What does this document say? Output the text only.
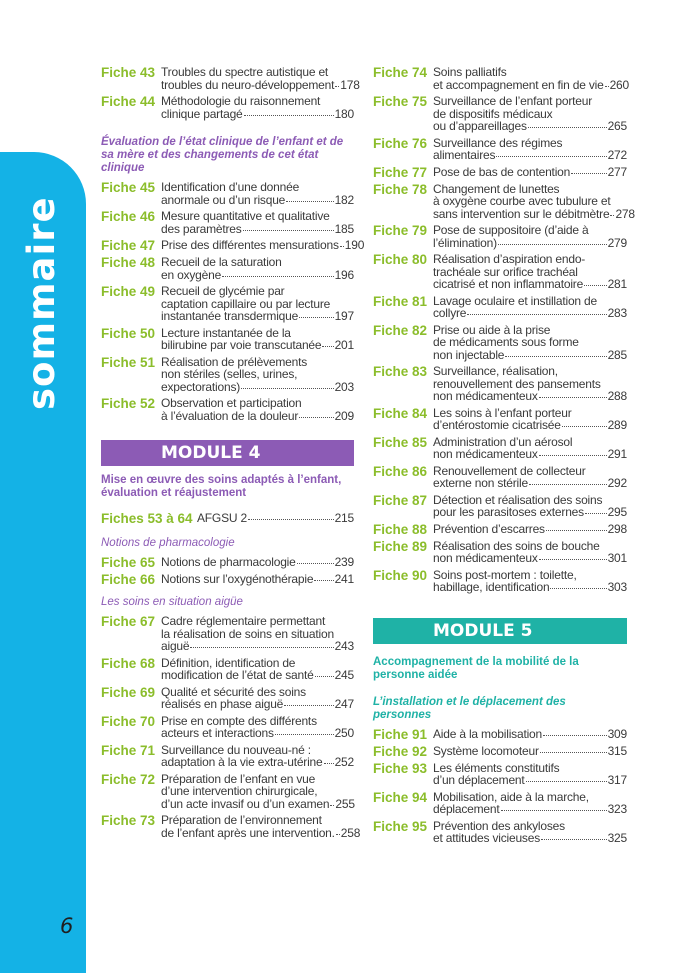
sommaire
6
Fiche 43 Troubles du spectre autistique et
troubles du neuro-développement 178
Fiche 44 Méthodologie du raisonnement
clinique partagé	180
Évaluation de l’état clinique de l’enfant et de sa mère et des changements de cet état clinique
Fiche 45 Identification d’une donnée
anormale ou d’un risque	182
Fiche 46 Mesure quantitative et qualitative
des paramètres	185
Fiche 47 Prise des différentes mensurations 190
Fiche 48 Recueil de la saturation
en oxygène	196
Fiche 49 Recueil de glycémie par
captation capillaire ou par lecture
instantanée transdermique	197
Fiche 50 Lecture instantanée de la
bilirubine par voie transcutanée 201
Fiche 51 Réalisation de prélèvements
non stériles (selles, urines,
expectorations)	203
Fiche 52 Observation et participation
à l’évaluation de la douleur	209
MODULE 4
Mise en œuvre des soins adaptés à l’enfant, évaluation et réajustement
Fiches 53 à 64 AFGSU 2	215
Notions de pharmacologie
Fiche 65 Notions de pharmacologie	239
Fiche 66 Notions sur l’oxygénothérapie 241
Les soins en situation aigüe
Fiche 67 Cadre réglementaire permettant
la réalisation de soins en situation
aiguë	243
Fiche 68 Définition, identification de
modification de l’état de santé 245
Fiche 69 Qualité et sécurité des soins
réalisés en phase aiguë	247
Fiche 70 Prise en compte des différents
acteurs et interactions	250
Fiche 71 Surveillance du nouveau-né :
adaptation à la vie extra-utérine 252
Fiche 72 Préparation de l’enfant en vue
d’une intervention chirurgicale,
d’un acte invasif ou d’un examen 255
Fiche 73 Préparation de l’environnement
de l’enfant après une intervention. 258
Fiche 74 Soins palliatifs
et accompagnement en fin de vie 260
Fiche 75 Surveillance de l’enfant porteur
de dispositifs médicaux
ou d’appareillages	265
Fiche 76 Surveillance des régimes
alimentaires	272
Fiche 77 Pose de bas de contention	277
Fiche 78 Changement de lunettes
à oxygène courbe avec tubulure et
sans intervention sur le débitmètre 278
Fiche 79 Pose de suppositoire (d’aide à
l’élimination)	279
Fiche 80 Réalisation d’aspiration endo-
trachéale sur orifice trachéal
cicatrisé et non inflammatoire 281
Fiche 81 Lavage oculaire et instillation de
collyre	283
Fiche 82 Prise ou aide à la prise
de médicaments sous forme
non injectable	285
Fiche 83 Surveillance, réalisation,
renouvellement des pansements
non médicamenteux	288
Fiche 84 Les soins à l’enfant porteur
d’entérostomie cicatrisée	289
Fiche 85 Administration d’un aérosol
non médicamenteux	291
Fiche 86 Renouvellement de collecteur
externe non stérile	292
Fiche 87 Détection et réalisation des soins
pour les parasitoses externes 295
Fiche 88 Prévention d’escarres	298
Fiche 89 Réalisation des soins de bouche
non médicamenteux	301
Fiche 90 Soins post-mortem : toilette,
habillage, identification	303
MODULE 5
Accompagnement de la mobilité de la personne aidée
L’installation et le déplacement des personnes
Fiche 91 Aide à la mobilisation	309
Fiche 92 Système locomoteur	315
Fiche 93 Les éléments constitutifs
d’un déplacement	317
Fiche 94 Mobilisation, aide à la marche,
déplacement	323
Fiche 95 Prévention des ankyloses
et attitudes vicieuses	325
